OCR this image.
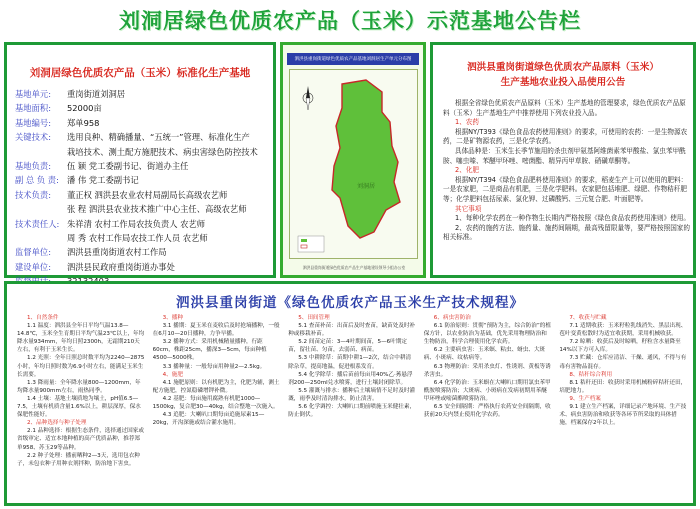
刘洞居绿色优质农产品（玉米）示范基地公告栏
刘洞居绿色优质农产品（玉米）标准化生产基地
基地单元:	重岗街道刘洞居
基地面积:	52000亩
基地编号:	郑单958
关键技术:	选用良种、精确播量、“五统一”管理、标准化生产
栽培技术、测土配方施肥技术、病虫害绿色防控技术
基地负责:	伍 颖 党工委副书记、街道办主任
副 总 负 责: 潘 伟 党工委副书记
技术负责:	董正权 泗洪县农业农村局副局长高级农艺师
张 程 泗洪县农业技术推广中心主任、高级农艺师
技术责任人: 朱祥清 农村工作局农技负责人 农艺师
周 秀 农村工作局农技工作人员 农艺师
监督单位:	泗洪县重岗街道农村工作局
建设单位:	泗洪县民政府重岗街道办事处
泗洪县重岗街道绿色优质农产品基地刘洞居生产单元分布图
刘洞居
泗洪县重岗街道绿色优质农产品生产基地建设领导小组办公室
泗洪县重岗街道绿色优质农产品原料（玉米）
生产基地农业投入品使用公告

根据全省绿色优质农产品原料（玉米）生产基地的管理要求，绿色优质农产品原料（玉米）生产基地生产中推荐使用下列农业投入品。

1、农药

根据NY/T393《绿色食品农药使用准则》的要求，可使用的农药：一是生物源农药，二是矿物源农药，三是化学农药。

具体品种是：玉米生长季节施用的杀虫剂甲氨基阿维菌素苯甲酸盐、氯虫苯甲酰胺、噻虫嗪、苯醚甲环唑、嘧菌酯、精异丙甲草胺、硝磺草酮等。

2、化肥

根据NY/T394《绿色食品肥料使用准则》的要求，稻麦生产上可以使用的肥料：一是农家肥，二是商品有机肥，三是化学肥料。农家肥包括堆肥、绿肥、作物秸秆肥等；化学肥料包括尿素、氯化钾、过磷酸钙、三元复合肥、叶面肥等。

其它事项

1、每种化学农药在一种作物生长期内严格按照《绿色食品农药使用准则》使用。

2、农药的施药方法、施药量、施药间隔期，最高残留限量等，要严格按照国家的相关标准。

泗洪县重岗街道《绿色优质农产品玉米生产技术规程》

1、自然条件

1.1 温度：泗洪县全年日平均气温13.8—14.8℃，玉米全生育期日平均气温23℃以上，年均降水量934mm，年均日照2300h，无霜期210天左右，有利于玉米生长。

1.2 光照：全年日照总时数平均为2240—2875小时，年均日照时数为6.9小时左右，能满足玉米生长需要。

1.3 降雨量：全年降水量800—1200mm，年均降水量900mm左右，雨热同季。

1.4 土壤：基地土壤质地为壤土，pH值6.5—7.5，土壤有机质含量1.6%以上，耕层深厚，保水保肥性能好。

2、品种选择与种子处理

2.1 品种选择：根据生态条件，选择通过国家或省级审定、适宜本地种植的高产优质品种，推荐郑单958、苏玉29等品种。

2.2 种子处理：播前晒种2—3天，选用包衣种子，未包衣种子用种衣剂拌种，防治地下害虫。

3、播种

3.1 播期：夏玉米在麦收后及时抢墒播种，一般在6月10—20日播种，力争早播。

3.2 播种方式：采用机械精量播种，行距60cm，株距25cm，播深3—5cm，每亩种植4500—5000株。

3.3 播种量：一般每亩用种量2—2.5kg。

4、施肥

4.1 施肥原则：以有机肥为主，化肥为辅，测土配方施肥，控氮稳磷增钾补微。

4.2 基肥：每亩施用腐熟有机肥1000—1500kg，复合肥30—40kg，结合整地一次施入。

4.3 追肥：大喇叭口期每亩追施尿素15—20kg，开沟深施或结合灌水施用。

5、田间管理

5.1 查苗补苗：出苗后及时查苗，缺苗处及时补种或移栽补苗。

5.2 间苗定苗：3—4叶期间苗，5—6叶期定苗，留壮苗、匀苗，去弱苗、病苗。

5.3 中耕除草：苗期中耕1—2次，结合中耕清除杂草，提高地温，促进根系发育。

5.4 化学除草：播后苗前每亩用40%乙·莠悬浮剂200—250ml兑水喷雾，进行土壤封闭除草。

5.5 灌溉与排水：播种后土壤墒情不足时及时灌溉，雨季及时清沟排水，防止渍害。

5.6 化学调控：大喇叭口期前喷施玉米健壮素，防止倒伏。

6、病虫害防治

6.1 防治原则：贯彻“预防为主，综合防治”的植保方针，以农业防治为基础，优先采用物理防治和生物防治，科学合理使用化学农药。

6.2 主要病虫害：玉米螟、粘虫、蚜虫、大斑病、小斑病、纹枯病等。

6.3 物理防治：采用杀虫灯、性诱剂、黄板等诱杀害虫。

6.4 化学防治：玉米螟在大喇叭口期用氯虫苯甲酰胺喷雾防治；大斑病、小斑病在发病初期用苯醚甲环唑或嘧菌酯喷雾防治。

6.5 安全间隔期：严格执行农药安全间隔期，收获前20天内禁止使用化学农药。

7、收获与贮藏

7.1 适期收获：玉米籽粒乳线消失、黑层出现、苞叶变黄松散时为适宜收获期，采用机械收获。

7.2 晾晒：收获后及时晾晒，籽粒含水量降至14%以下方可入库。

7.3 贮藏：仓库应清洁、干燥、通风，不得与有毒有害物品混存。

8、秸秆综合利用

8.1 秸秆还田：收获时采用机械粉碎秸秆还田，培肥地力。

9、生产档案

9.1 建立生产档案，详细记录产地环境、生产技术、病虫害防治和收获等各环节所采取的具体措施，档案保存2年以上。
